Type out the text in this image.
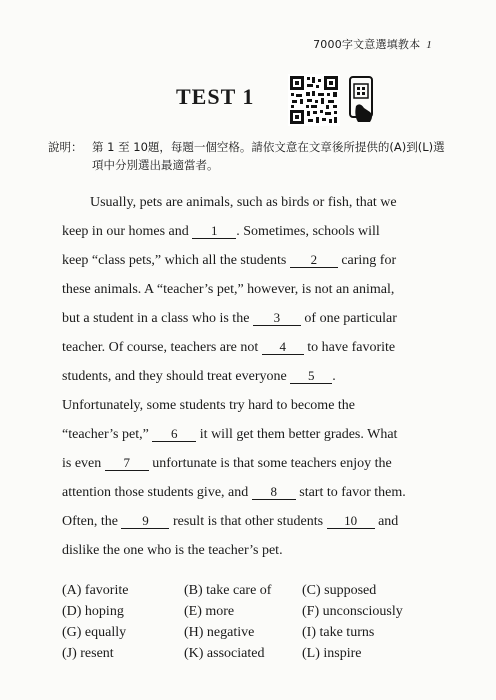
7000字文意選填教本 1
TEST 1
說明： 第 1 至 10題，每題一個空格。請依文意在文章後所提供的(A)到(L)選項中分別選出最適當者。
Usually, pets are animals, such as birds or fish, that we
keep in our homes and 1 . Sometimes, schools will
keep “class pets,” which all the students 2 caring for
these animals. A “teacher’s pet,” however, is not an animal,
but a student in a class who is the 3 of one particular
teacher. Of course, teachers are not 4 to have favorite
students, and they should treat everyone 5 .
Unfortunately, some students try hard to become the
“teacher’s pet,” 6 it will get them better grades. What
is even 7 unfortunate is that some teachers enjoy the
attention those students give, and 8 start to favor them.
Often, the 9 result is that other students 10 and
dislike the one who is the teacher’s pet.
(A) favorite	(B) take care of	(C) supposed
(D) hoping	(E) more	(F) unconsciously
(G) equally	(H) negative	(I) take turns
(J) resent	(K) associated	(L) inspire
